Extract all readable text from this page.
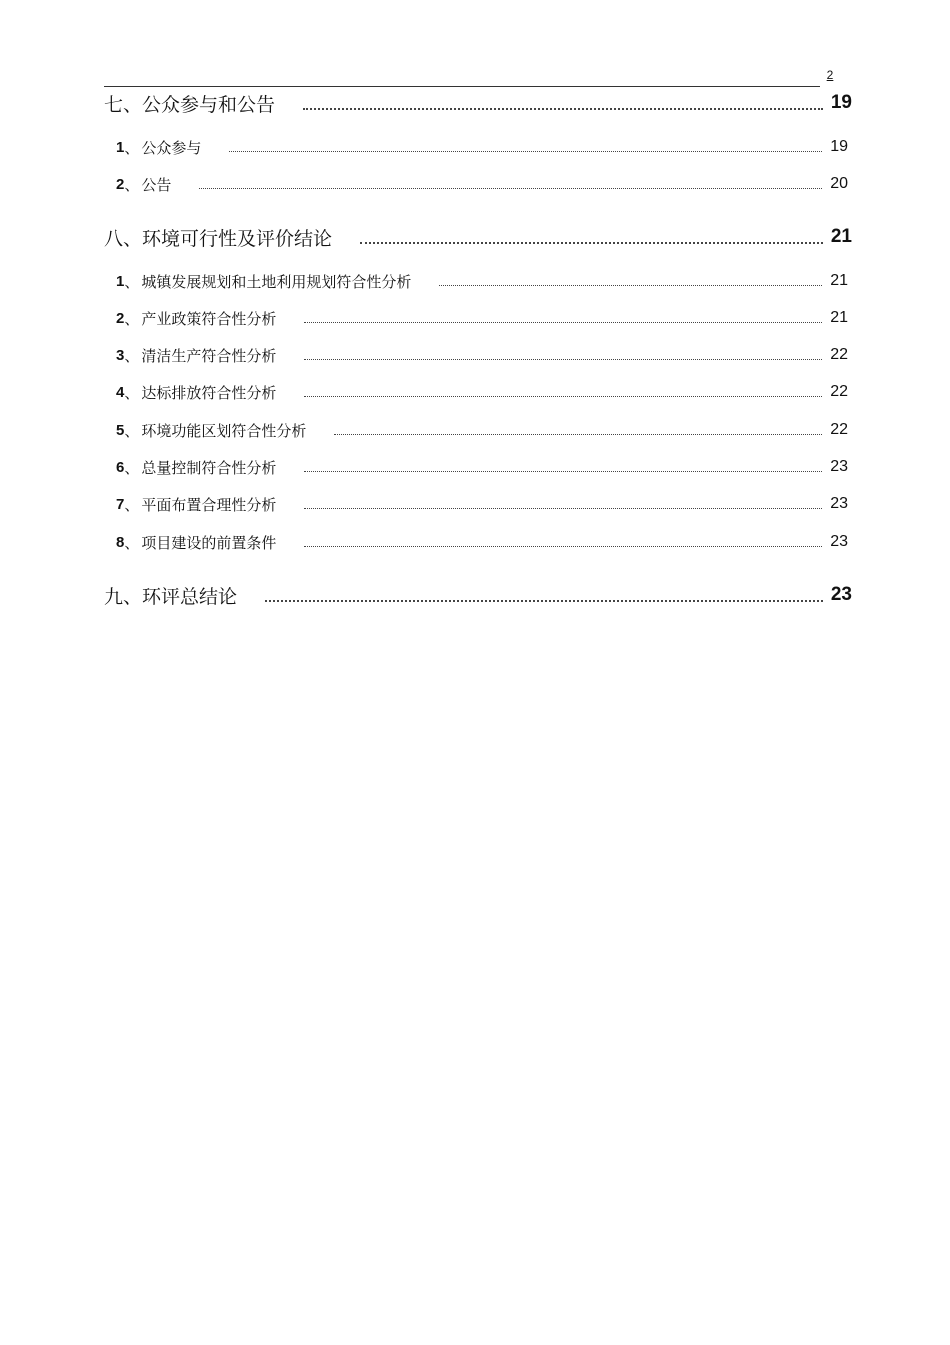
2
七、公众参与和公告	19
1 、 公众参与	19
2 、 公告	20
八、环境可行性及评价结论	21
1 、 城镇发展规划和土地利用规划符合性分析	21
2 、 产业政策符合性分析	21
3 、 清洁生产符合性分析	22
4 、 达标排放符合性分析	22
5 、 环境功能区划符合性分析	22
6 、 总量控制符合性分析	23
7 、 平面布置合理性分析	23
8 、 项目建设的前置条件	23
九、环评总结论	23
